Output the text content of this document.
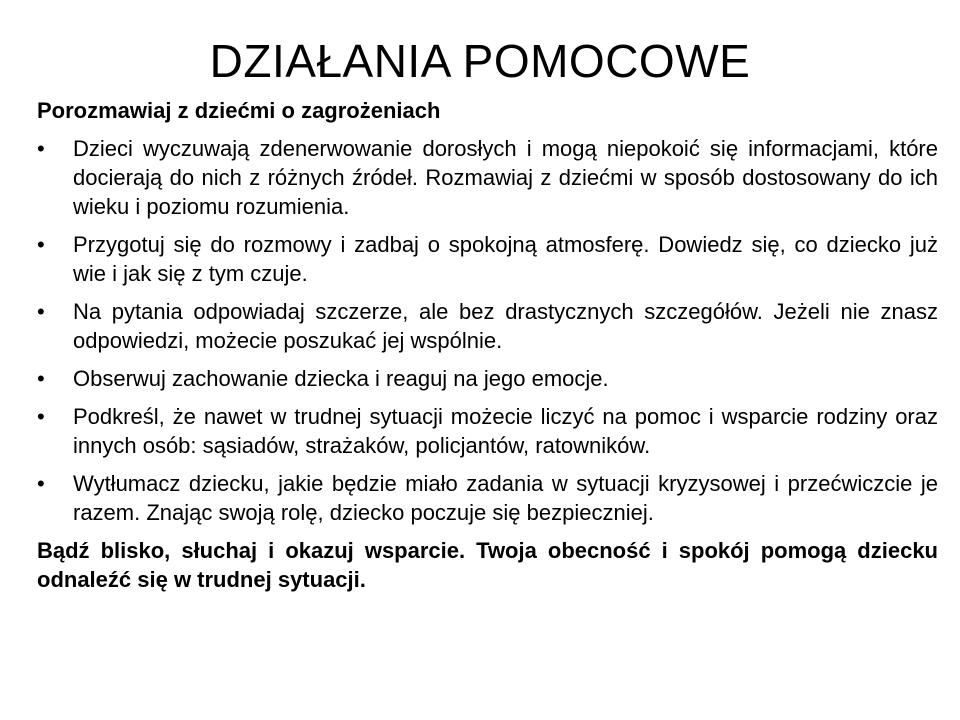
DZIAŁANIA POMOCOWE

Porozmawiaj z dziećmi o zagrożeniach

•	Dzieci wyczuwają zdenerwowanie dorosłych i mogą niepokoić się informacjami, które docierają do nich z różnych źródeł. Rozmawiaj z dziećmi w sposób dostosowany do ich wieku i poziomu rozumienia.
•	Przygotuj się do rozmowy i zadbaj o spokojną atmosferę. Dowiedz się, co dziecko już wie i jak się z tym czuje.
•	Na pytania odpowiadaj szczerze, ale bez drastycznych szczegółów. Jeżeli nie znasz odpowiedzi, możecie poszukać jej wspólnie.
•	Obserwuj zachowanie dziecka i reaguj na jego emocje.
•	Podkreśl, że nawet w trudnej sytuacji możecie liczyć na pomoc i wsparcie rodziny oraz innych osób: sąsiadów, strażaków, policjantów, ratowników.
•	Wytłumacz dziecku, jakie będzie miało zadania w sytuacji kryzysowej i przećwiczcie je razem. Znając swoją rolę, dziecko poczuje się bezpieczniej.

Bądź blisko, słuchaj i okazuj wsparcie. Twoja obecność i spokój pomogą dziecku odnaleźć się w trudnej sytuacji.
